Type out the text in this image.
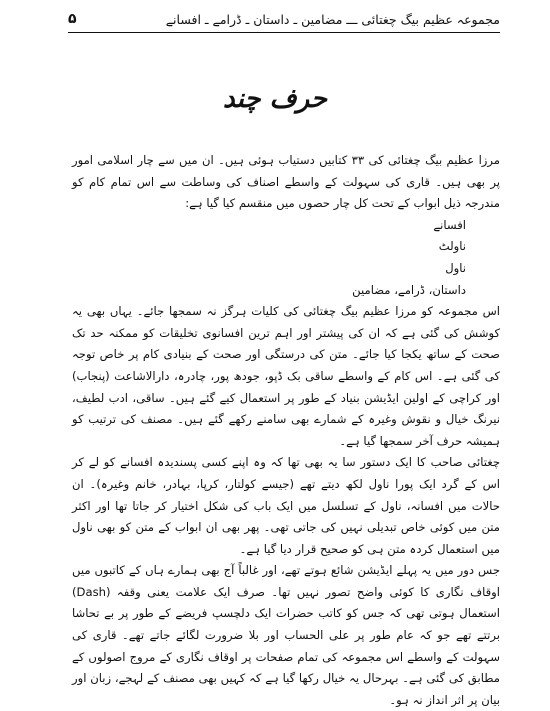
مجموعہ عظیم بیگ چغتائی ـــ مضامین ـ داستان ـ ڈرامے ـ افسانے
۵
حرف چند

مرزا عظیم بیگ چغتائی کی ۳۳ کتابیں دستیاب ہوئی ہیں۔ ان میں سے چار اسلامی امور پر بھی ہیں۔ قاری کی سہولت کے واسطے اصناف کی وساطت سے اس تمام کام کو مندرجہ ذیل ابواب کے تحت کل چار حصوں میں منقسم کیا گیا ہے:

افسانے
ناولٹ
ناول
داستان، ڈرامے، مضامین

اس مجموعہ کو مرزا عظیم بیگ چغتائی کی کلیات ہرگز نہ سمجھا جائے۔ یہاں بھی یہ کوشش کی گئی ہے کہ ان کی پیشتر اور اہم ترین افسانوی تخلیقات کو ممکنہ حد تک صحت کے ساتھ یکجا کیا جائے۔ متن کی درستگی اور صحت کے بنیادی کام پر خاص توجہ کی گئی ہے۔ اس کام کے واسطے ساقی بک ڈپو، جودھ پور، چادرہ، دارالاشاعت (پنجاب) اور کراچی کے اولین ایڈیشن بنیاد کے طور پر استعمال کیے گئے ہیں۔ ساقی، ادب لطیف، نیرنگ خیال و نقوش وغیرہ کے شمارے بھی سامنے رکھے گئے ہیں۔ مصنف کی ترتیب کو ہمیشہ حرف آخر سمجھا گیا ہے۔

چغتائی صاحب کا ایک دستور سا یہ بھی تھا کہ وہ اپنے کسی پسندیدہ افسانے کو لے کر اس کے گرد ایک پورا ناول لکھ دیتے تھے (جیسے کولتار، کرپا، بہادر، خانم وغیرہ)۔ ان حالات میں افسانہ، ناول کے تسلسل میں ایک باب کی شکل اختیار کر جاتا تھا اور اکثر متن میں کوئی خاص تبدیلی نہیں کی جاتی تھی۔ پھر بھی ان ابواب کے متن کو بھی ناول میں استعمال کردہ متن ہی کو صحیح قرار دیا گیا ہے۔

جس دور میں یہ پہلے ایڈیشن شائع ہوتے تھے، اور غالباً آج بھی ہمارے ہاں کے کاتبوں میں اوقاف نگاری کا کوئی واضح تصور نہیں تھا۔ صرف ایک علامت یعنی وقفہ (Dash) استعمال ہوتی تھی کہ جس کو کاتب حضرات ایک دلچسپ فریضے کے طور پر بے تحاشا برتتے تھے جو کہ عام طور پر علی الحساب اور بلا ضرورت لگائے جاتے تھے۔ قاری کی سہولت کے واسطے اس مجموعہ کی تمام صفحات پر اوقاف نگاری کے مروج اصولوں کے مطابق کی گئی ہے۔ بہرحال یہ خیال رکھا گیا ہے کہ کہیں بھی مصنف کے لہجے، زبان اور بیان پر اثر انداز نہ ہو۔
